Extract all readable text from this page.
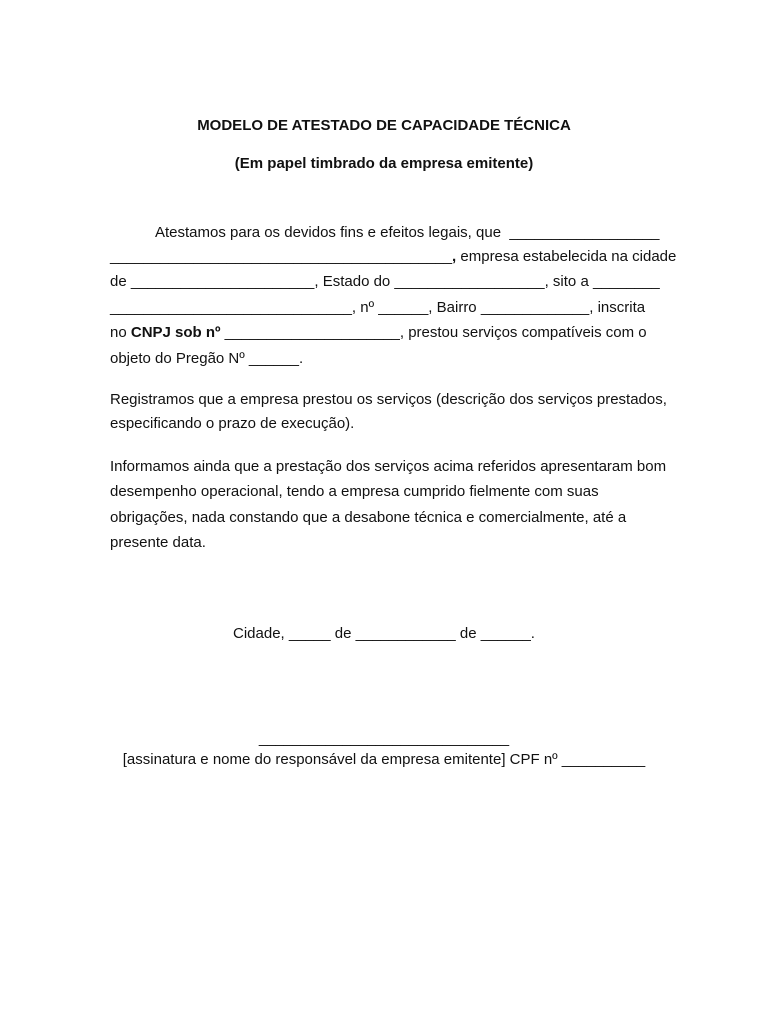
MODELO DE ATESTADO DE CAPACIDADE TÉCNICA
(Em papel timbrado da empresa emitente)
Atestamos para os devidos fins e efeitos legais, que  __________________
_________________________________________, empresa estabelecida na cidade
de ______________________, Estado do __________________, sito a ________
_____________________________, nº ______, Bairro _____________, inscrita
no CNPJ sob nº _____________________, prestou serviços compatíveis com o
objeto do Pregão Nº ______.
Registramos que a empresa prestou os serviços (descrição dos serviços prestados,
especificando o prazo de execução).
Informamos ainda que a prestação dos serviços acima referidos apresentaram bom
desempenho operacional, tendo a empresa cumprido fielmente com suas
obrigações, nada constando que a desabone técnica e comercialmente, até a
presente data.
Cidade, _____ de ____________ de ______.
______________________________
[assinatura e nome do responsável da empresa emitente] CPF nº __________
